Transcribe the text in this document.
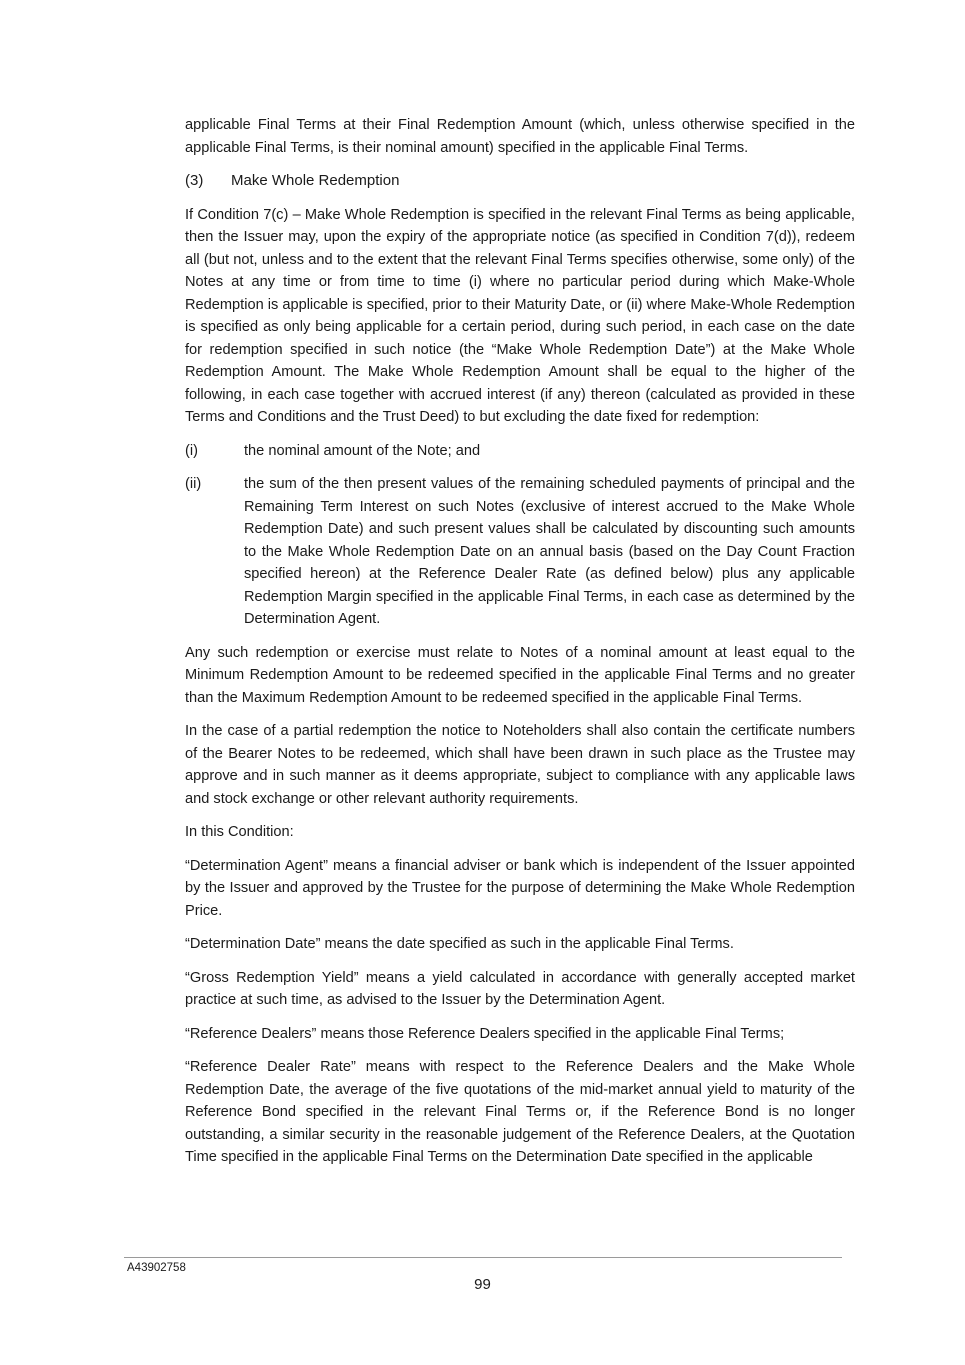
applicable Final Terms at their Final Redemption Amount (which, unless otherwise specified in the applicable Final Terms, is their nominal amount) specified in the applicable Final Terms.

(3)	Make Whole Redemption

If Condition 7(c) – Make Whole Redemption is specified in the relevant Final Terms as being applicable, then the Issuer may, upon the expiry of the appropriate notice (as specified in Condition 7(d)), redeem all (but not, unless and to the extent that the relevant Final Terms specifies otherwise, some only) of the Notes at any time or from time to time (i) where no particular period during which Make-Whole Redemption is applicable is specified, prior to their Maturity Date, or (ii) where Make-Whole Redemption is specified as only being applicable for a certain period, during such period, in each case on the date for redemption specified in such notice (the “Make Whole Redemption Date”) at the Make Whole Redemption Amount. The Make Whole Redemption Amount shall be equal to the higher of the following, in each case together with accrued interest (if any) thereon (calculated as provided in these Terms and Conditions and the Trust Deed) to but excluding the date fixed for redemption:

(i)	the nominal amount of the Note; and
(ii)	the sum of the then present values of the remaining scheduled payments of principal and the Remaining Term Interest on such Notes (exclusive of interest accrued to the Make Whole Redemption Date) and such present values shall be calculated by discounting such amounts to the Make Whole Redemption Date on an annual basis (based on the Day Count Fraction specified hereon) at the Reference Dealer Rate (as defined below) plus any applicable Redemption Margin specified in the applicable Final Terms, in each case as determined by the Determination Agent.

Any such redemption or exercise must relate to Notes of a nominal amount at least equal to the Minimum Redemption Amount to be redeemed specified in the applicable Final Terms and no greater than the Maximum Redemption Amount to be redeemed specified in the applicable Final Terms.

In the case of a partial redemption the notice to Noteholders shall also contain the certificate numbers of the Bearer Notes to be redeemed, which shall have been drawn in such place as the Trustee may approve and in such manner as it deems appropriate, subject to compliance with any applicable laws and stock exchange or other relevant authority requirements.

In this Condition:

“Determination Agent” means a financial adviser or bank which is independent of the Issuer appointed by the Issuer and approved by the Trustee for the purpose of determining the Make Whole Redemption Price.

“Determination Date” means the date specified as such in the applicable Final Terms.

“Gross Redemption Yield” means a yield calculated in accordance with generally accepted market practice at such time, as advised to the Issuer by the Determination Agent.

“Reference Dealers” means those Reference Dealers specified in the applicable Final Terms;

“Reference Dealer Rate” means with respect to the Reference Dealers and the Make Whole Redemption Date, the average of the five quotations of the mid-market annual yield to maturity of the Reference Bond specified in the relevant Final Terms or, if the Reference Bond is no longer outstanding, a similar security in the reasonable judgement of the Reference Dealers, at the Quotation Time specified in the applicable Final Terms on the Determination Date specified in the applicable

A43902758
99
